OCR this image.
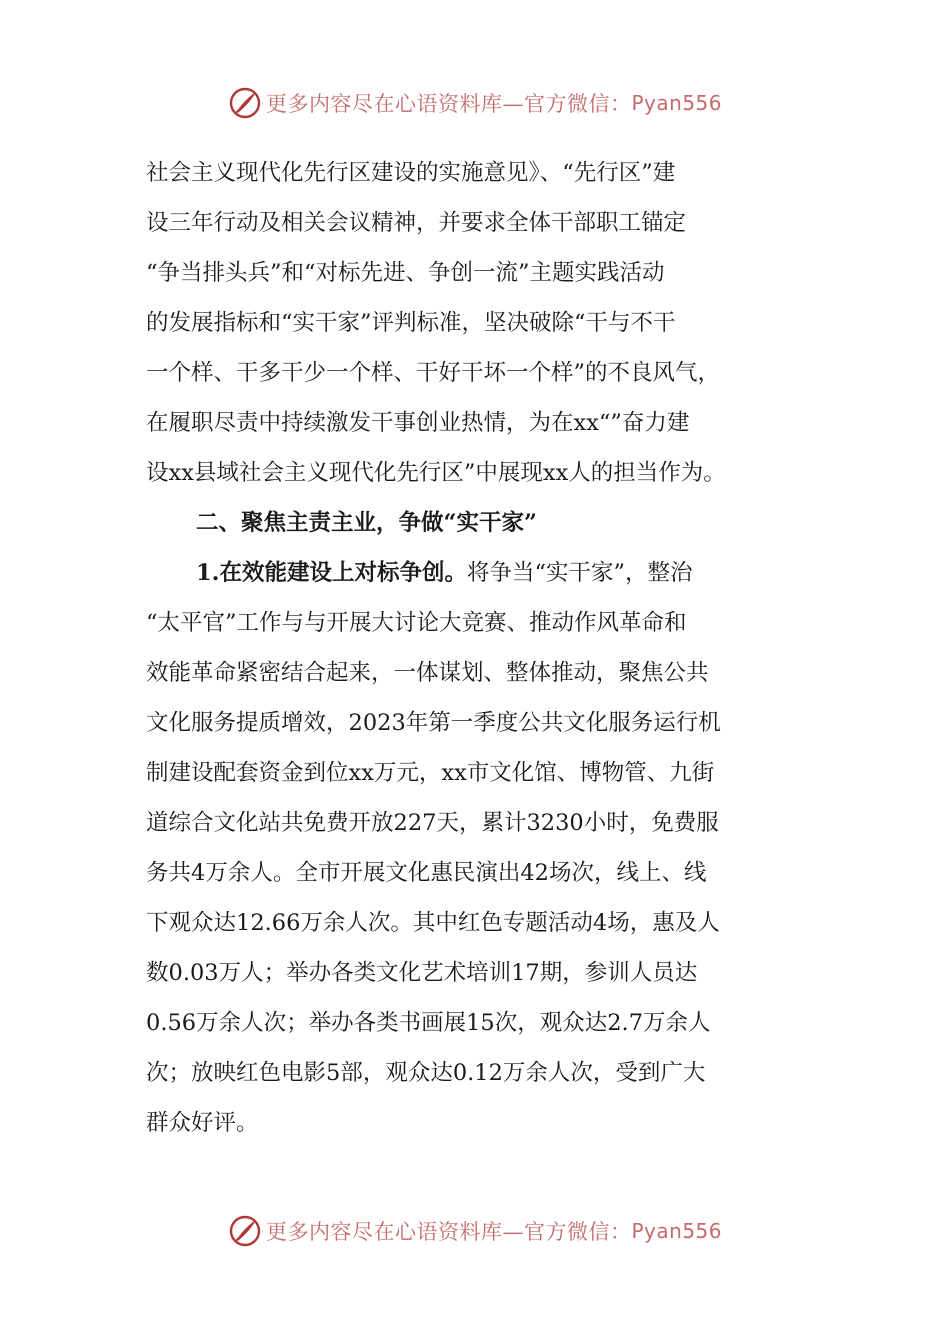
更多内容尽在心语资料库—官方微信： Pyan556
社会主义现代化先行区建设的实施意见》、“先行区”建
设三年行动及相关会议精神，并要求全体干部职工锚定
“争当排头兵”和“对标先进、争创一流”主题实践活动
的发展指标和“实干家”评判标准，坚决破除“干与不干
一个样、干多干少一个样、干好干坏一个样”的不良风气，
在履职尽责中持续激发干事创业热情，为在xx“”奋力建
设xx县域社会主义现代化先行区”中展现xx人的担当作为。
二、聚焦主责主业，争做“实干家”
1.在效能建设上对标争创。将争当“实干家”，整治
“太平官”工作与与开展大讨论大竞赛、推动作风革命和
效能革命紧密结合起来，一体谋划、整体推动，聚焦公共
文化服务提质增效，2023年第一季度公共文化服务运行机
制建设配套资金到位xx万元，xx市文化馆、博物管、九街
道综合文化站共免费开放227天，累计3230小时，免费服
务共4万余人。全市开展文化惠民演出42场次，线上、线
下观众达12.66万余人次。其中红色专题活动4场，惠及人
数0.03万人；举办各类文化艺术培训17期，参训人员达
0.56万余人次；举办各类书画展15次，观众达2.7万余人
次；放映红色电影5部，观众达0.12万余人次，受到广大
群众好评。
更多内容尽在心语资料库—官方微信： Pyan556
